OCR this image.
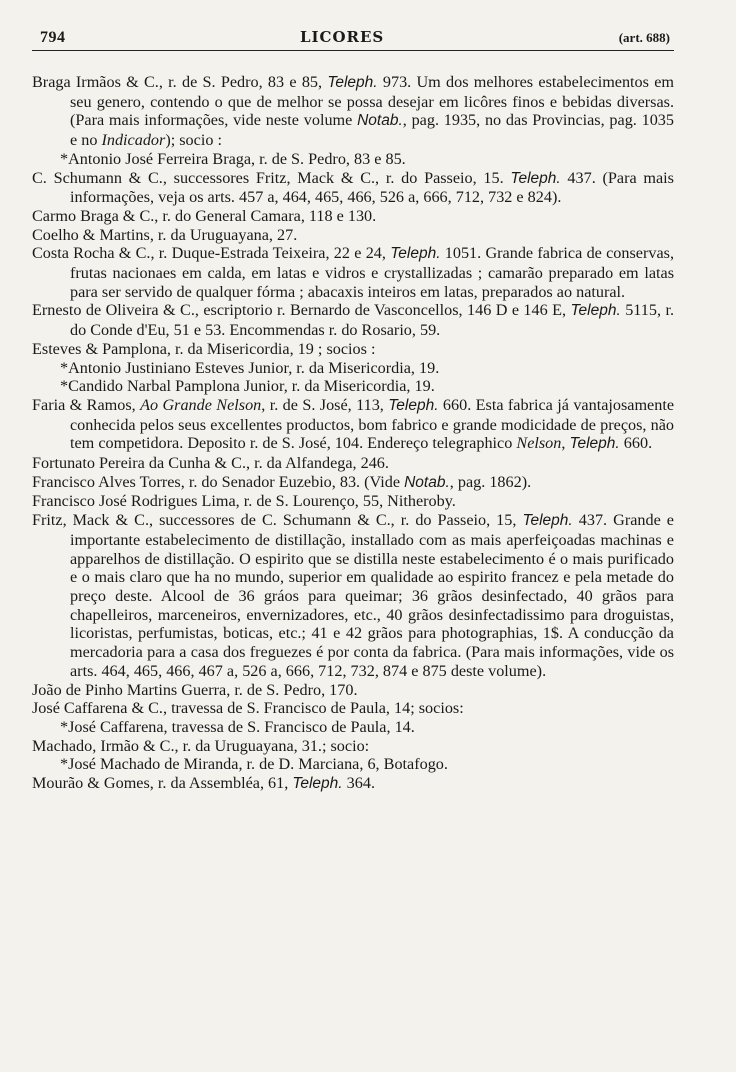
794	LICORES	(art. 688)
Braga Irmãos & C., r. de S. Pedro, 83 e 85, Teleph. 973. Um dos melhores estabelecimentos em seu genero, contendo o que de melhor se possa desejar em licôres finos e bebidas diversas. (Para mais informações, vide neste volume Notab., pag. 1935, no das Provincias, pag. 1035 e no Indicador); socio :
*Antonio José Ferreira Braga, r. de S. Pedro, 83 e 85.
C. Schumann & C., successores Fritz, Mack & C., r. do Passeio, 15. Teleph. 437. (Para mais informações, veja os arts. 457 a, 464, 465, 466, 526 a, 666, 712, 732 e 824).
Carmo Braga & C., r. do General Camara, 118 e 130.
Coelho & Martins, r. da Uruguayana, 27.
Costa Rocha & C., r. Duque-Estrada Teixeira, 22 e 24, Teleph. 1051. Grande fabrica de conservas, frutas nacionaes em calda, em latas e vidros e crystallizadas ; camarão preparado em latas para ser servido de qualquer fórma ; abacaxis inteiros em latas, preparados ao natural.
Ernesto de Oliveira & C., escriptorio r. Bernardo de Vasconcellos, 146 D e 146 E, Teleph. 5115, r. do Conde d'Eu, 51 e 53. Encommendas r. do Rosario, 59.
Esteves & Pamplona, r. da Misericordia, 19 ; socios :
*Antonio Justiniano Esteves Junior, r. da Misericordia, 19.
*Candido Narbal Pamplona Junior, r. da Misericordia, 19.
Faria & Ramos, Ao Grande Nelson, r. de S. José, 113, Teleph. 660. Esta fabrica já vantajosamente conhecida pelos seus excellentes productos, bom fabrico e grande modicidade de preços, não tem competidora. Deposito r. de S. José, 104. Endereço telegraphico Nelson, Teleph. 660.
Fortunato Pereira da Cunha & C., r. da Alfandega, 246.
Francisco Alves Torres, r. do Senador Euzebio, 83. (Vide Notab., pag. 1862).
Francisco José Rodrigues Lima, r. de S. Lourenço, 55, Nitheroby.
Fritz, Mack & C., successores de C. Schumann & C., r. do Passeio, 15, Teleph. 437. Grande e importante estabelecimento de distillação, installado com as mais aperfeiçoadas machinas e apparelhos de distillação. O espirito que se distilla neste estabelecimento é o mais purificado e o mais claro que ha no mundo, superior em qualidade ao espirito francez e pela metade do preço deste. Alcool de 36 gráos para queimar; 36 grãos desinfectado, 40 grãos para chapelleiros, marceneiros, envernizadores, etc., 40 grãos desinfectadissimo para droguistas, licoristas, perfumistas, boticas, etc.; 41 e 42 grãos para photographias, 1$. A conducção da mercadoria para a casa dos freguezes é por conta da fabrica. (Para mais informações, vide os arts. 464, 465, 466, 467 a, 526 a, 666, 712, 732, 874 e 875 deste volume).
João de Pinho Martins Guerra, r. de S. Pedro, 170.
José Caffarena & C., travessa de S. Francisco de Paula, 14; socios:
*José Caffarena, travessa de S. Francisco de Paula, 14.
Machado, Irmão & C., r. da Uruguayana, 31.; socio:
*José Machado de Miranda, r. de D. Marciana, 6, Botafogo.
Mourão & Gomes, r. da Assembléa, 61, Teleph. 364.
